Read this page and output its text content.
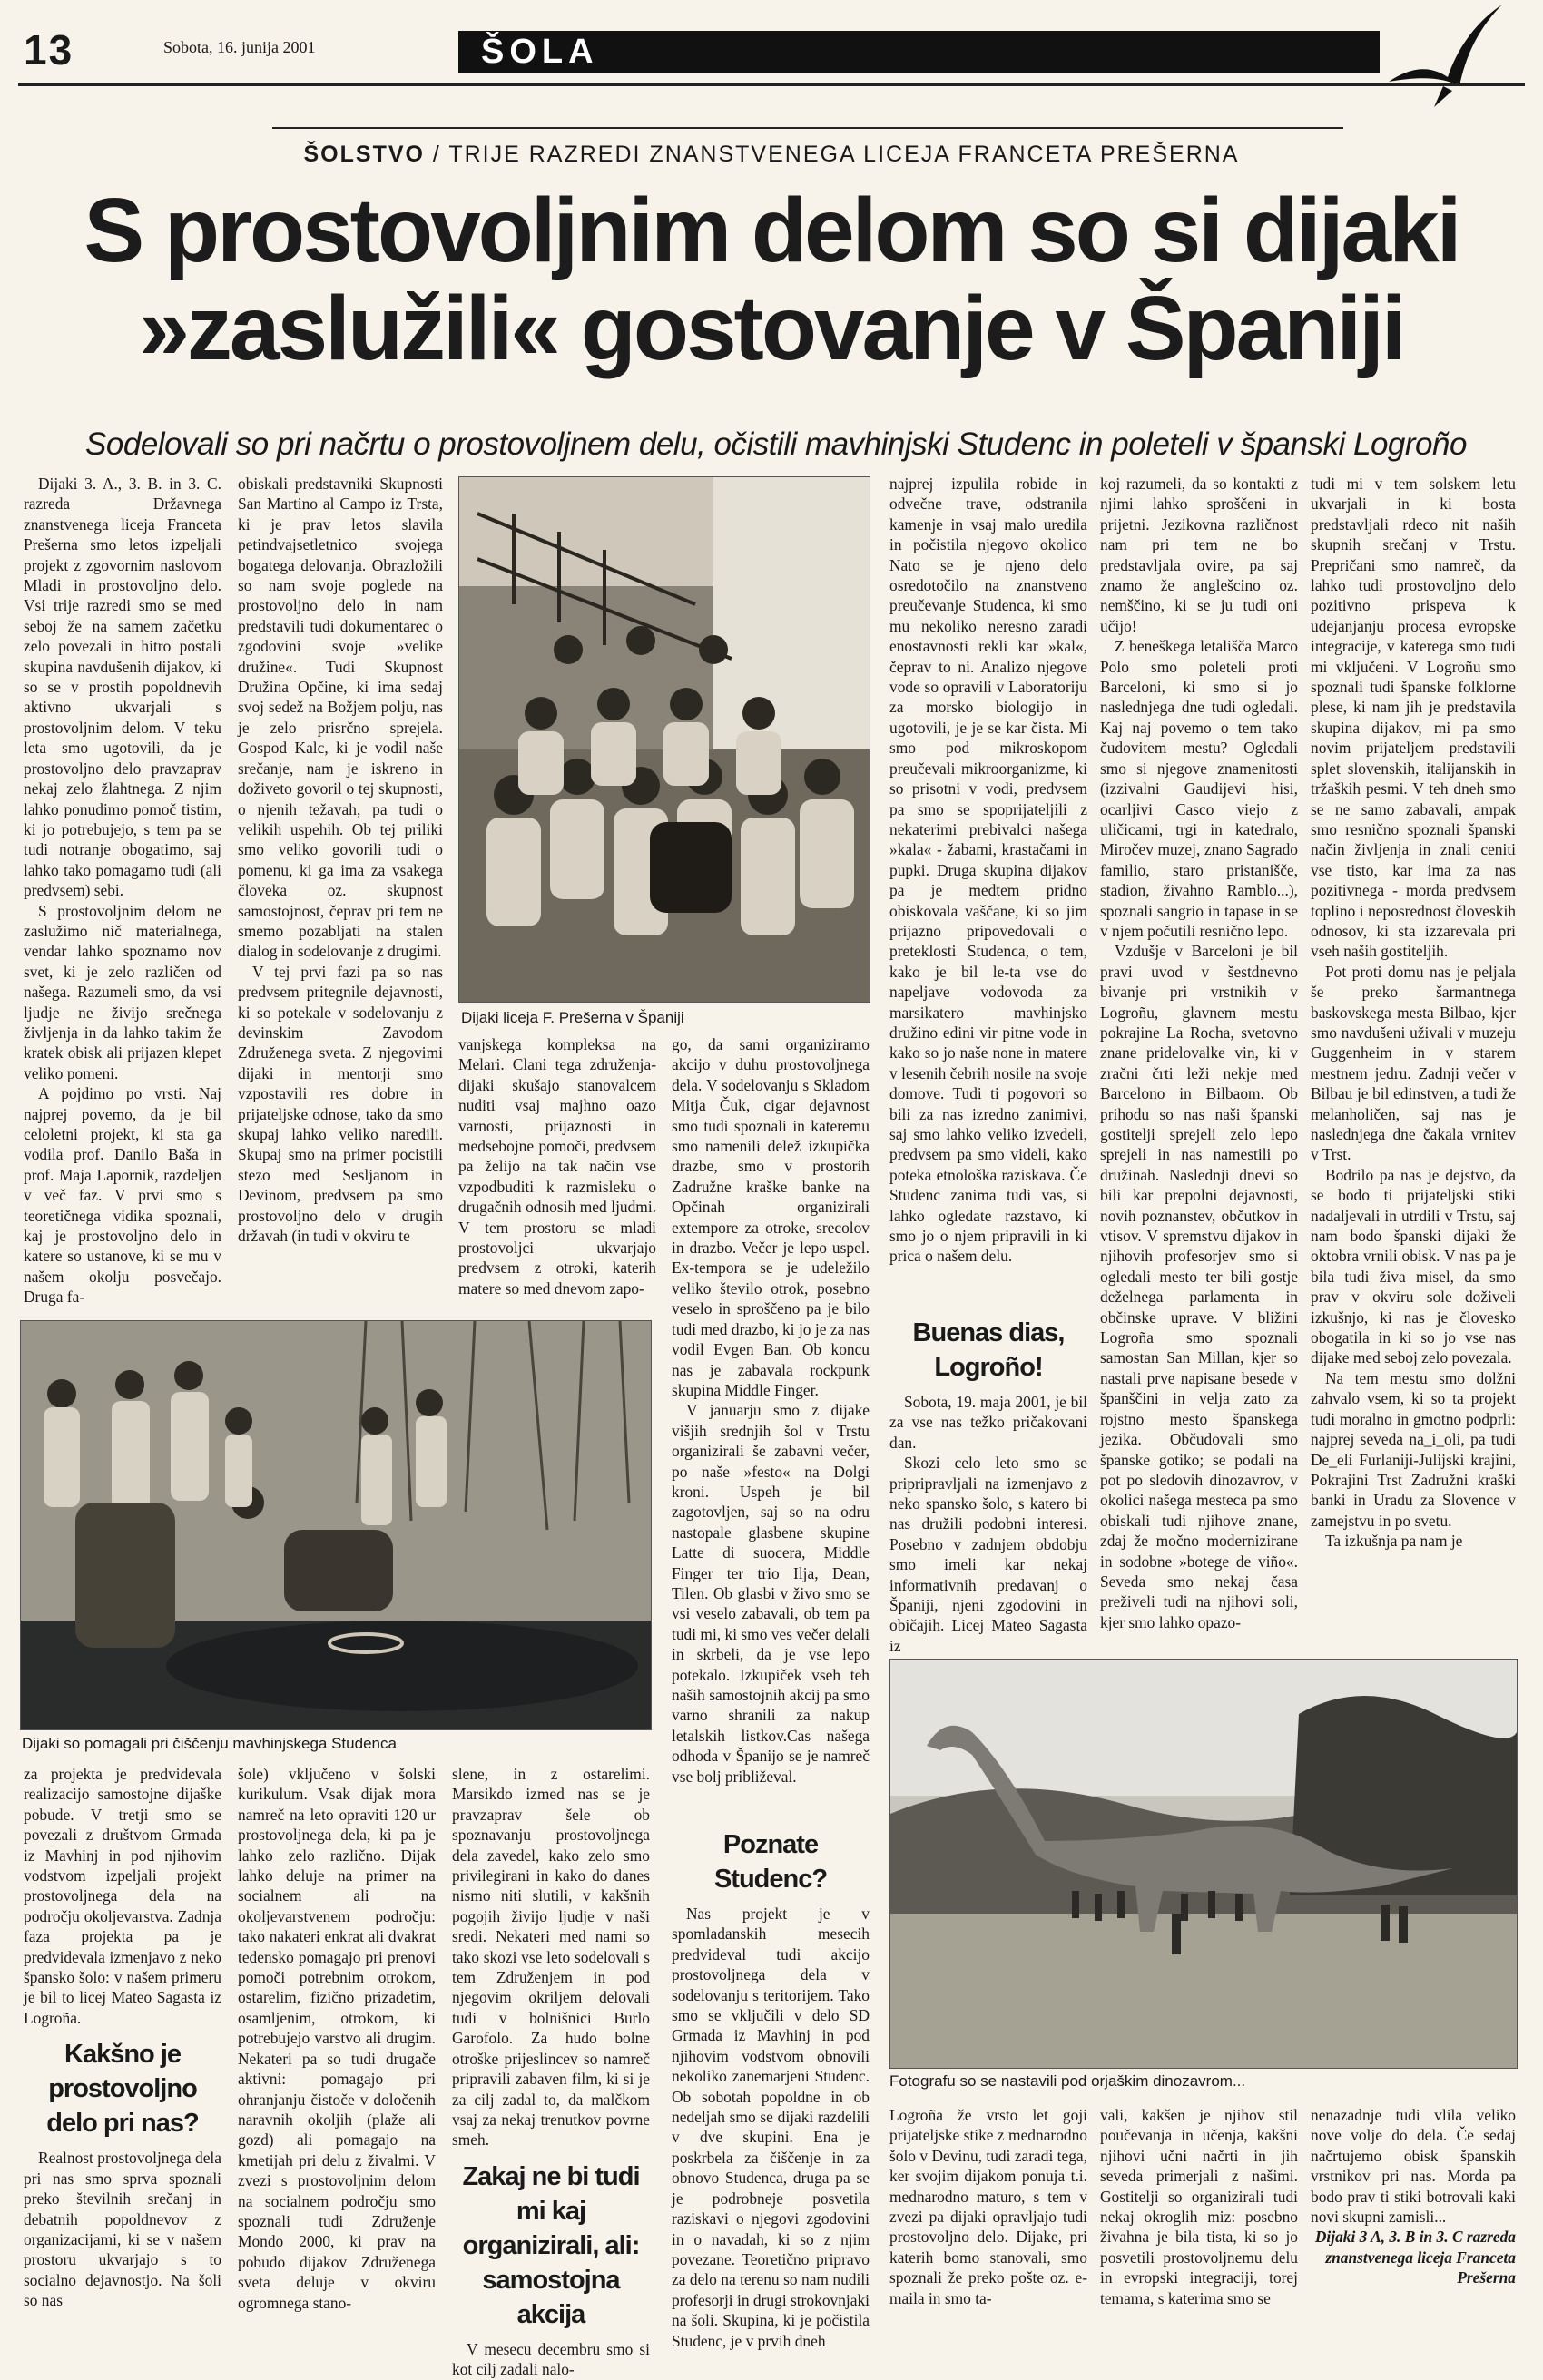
13	Sobota, 16. junija 2001	ŠOLA
ŠOLSTVO / TRIJE RAZREDI ZNANSTVENEGA LICEJA FRANCETA PREŠERNA
S prostovoljnim delom so si dijaki
»zaslužili« gostovanje v Španiji
Sodelovali so pri načrtu o prostovoljnem delu, očistili mavhinjski Studenc in poleteli v španski Logroño

Dijaki 3. A., 3. B. in 3. C. razreda Državnega znanstvenega liceja Franceta Prešerna smo letos izpeljali projekt z zgovornim naslovom Mladi in prostovoljno delo. Vsi trije razredi smo se med seboj že na samem začetku zelo povezali in hitro postali skupina navdušenih dijakov, ki so se v prostih popoldnevih aktivno ukvarjali s prostovoljnim delom. V teku leta smo ugotovili, da je prostovoljno delo pravzaprav nekaj zelo žlahtnega. Z njim lahko ponudimo pomoč tistim, ki jo potrebujejo, s tem pa se tudi notranje obogatimo, saj lahko tako pomagamo tudi (ali predvsem) sebi.

S prostovoljnim delom ne zaslužimo nič materialnega, vendar lahko spoznamo nov svet, ki je zelo različen od našega. Razumeli smo, da vsi ljudje ne živijo srečnega življenja in da lahko takim že kratek obisk ali prijazen klepet veliko pomeni.

A pojdimo po vrsti. Naj najprej povemo, da je bil celoletni projekt, ki sta ga vodila prof. Danilo Baša in prof. Maja Lapornik, razdeljen v več faz. V prvi smo s teoretičnega vidika spoznali, kaj je prostovoljno delo in katere so ustanove, ki se mu v našem okolju posvečajo. Druga fa-

obiskali predstavniki Skupnosti San Martino al Campo iz Trsta, ki je prav letos slavila petindvajsetletnico svojega bogatega delovanja. Obrazložili so nam svoje poglede na prostovoljno delo in nam predstavili tudi dokumentarec o zgodovini svoje »velike družine«. Tudi Skupnost Družina Opčine, ki ima sedaj svoj sedež na Božjem polju, nas je zelo prisrčno sprejela. Gospod Kalc, ki je vodil naše srečanje, nam je iskreno in doživeto govoril o tej skupnosti, o njenih težavah, pa tudi o velikih uspehih. Ob tej priliki smo veliko govorili tudi o pomenu, ki ga ima za vsakega človeka oz. skupnost samostojnost, čeprav pri tem ne smemo pozabljati na stalen dialog in sodelovanje z drugimi.

V tej prvi fazi pa so nas predvsem pritegnile dejavnosti, ki so potekale v sodelovanju z devinskim Zavodom Združenega sveta. Z njegovimi dijaki in mentorji smo vzpostavili res dobre in prijateljske odnose, tako da smo skupaj lahko veliko naredili. Skupaj smo na primer pocistili stezo med Sesljanom in Devinom, predvsem pa smo prostovoljno delo v drugih državah (in tudi v okviru te

Dijaki liceja F. Prešerna v Španiji

najprej izpulila robide in odvečne trave, odstranila kamenje in vsaj malo uredila in počistila njegovo okolico Nato se je njeno delo osredotočilo na znanstveno preučevanje Studenca, ki smo mu nekoliko neresno zaradi enostavnosti rekli kar »kal«, čeprav to ni. Analizo njegove vode so opravili v Laboratoriju za morsko biologijo in ugotovili, je je se kar čista. Mi smo pod mikroskopom preučevali mikroorganizme, ki so prisotni v vodi, predvsem pa smo se spoprijateljili z nekaterimi prebivalci našega »kala« - žabami, krastačami in pupki. Druga skupina dijakov pa je medtem pridno obiskovala vaščane, ki so jim prijazno pripovedovali o preteklosti Studenca, o tem, kako je bil le-ta vse do napeljave vodovoda za marsikatero mavhinjsko družino edini vir pitne vode in kako so jo naše none in matere v lesenih čebrih nosile na svoje domove. Tudi ti pogovori so bili za nas izredno zanimivi, saj smo lahko veliko izvedeli, predvsem pa smo videli, kako poteka etnološka raziskava. Če Studenc zanima tudi vas, si lahko ogledate razstavo, ki smo jo o njem pripravili in ki prica o našem delu.

koj razumeli, da so kontakti z njimi lahko sproščeni in prijetni. Jezikovna različnost nam pri tem ne bo predstavljala ovire, pa saj znamo že anglešcino oz. nemščino, ki se ju tudi oni učijo!

Z beneškega letališča Marco Polo smo poleteli proti Barceloni, ki smo si jo naslednjega dne tudi ogledali. Kaj naj povemo o tem tako čudovitem mestu? Ogledali smo si njegove znamenitosti (izzivalni Gaudijevi hisi, ocarljivi Casco viejo z uličicami, trgi in katedralo, Miročev muzej, znano Sagrado familio, staro pristanišče, stadion, živahno Ramblo...), spoznali sangrio in tapase in se v njem počutili resnično lepo.

Vzdušje v Barceloni je bil pravi uvod v šestdnevno bivanje pri vrstnikih v Logroñu, glavnem mestu pokrajine La Rocha, svetovno znane pridelovalke vin, ki v zračni črti leži nekje med Barcelono in Bilbaom. Ob prihodu so nas naši španski gostitelji sprejeli zelo lepo sprejeli in nas namestili po družinah. Naslednji dnevi so bili kar prepolni dejavnosti, novih poznanstev, občutkov in vtisov. V spremstvu dijakov in njihovih profesorjev smo si ogledali mesto ter bili gostje deželnega parlamenta in občinske uprave. V bližini Logroña smo spoznali samostan San Millan, kjer so nastali prve napisane besede v španščini in velja zato za rojstno mesto španskega jezika. Občudovali smo španske gotiko; se podali na pot po sledovih dinozavrov, v okolici našega mesteca pa smo obiskali tudi njihove znane, zdaj že močno modernizirane in sodobne »botege de viño«. Seveda smo nekaj časa preživeli tudi na njihovi soli, kjer smo lahko opazo-

tudi mi v tem solskem letu ukvarjali in ki bosta predstavljali rdeco nit naših skupnih srečanj v Trstu. Prepričani smo namreč, da lahko tudi prostovoljno delo pozitivno prispeva k udejanjanju procesa evropske integracije, v katerega smo tudi mi vključeni. V Logroñu smo spoznali tudi španske folklorne plese, ki nam jih je predstavila skupina dijakov, mi pa smo novim prijateljem predstavili splet slovenskih, italijanskih in tržaških pesmi. V teh dneh smo se ne samo zabavali, ampak smo resnično spoznali španski način življenja in znali ceniti vse tisto, kar ima za nas pozitivnega - morda predvsem toplino i neposrednost človeskih odnosov, ki sta izzarevala pri vseh naših gostiteljih.

Pot proti domu nas je peljala še preko šarmantnega baskovskega mesta Bilbao, kjer smo navdušeni uživali v muzeju Guggenheim in v starem mestnem jedru. Zadnji večer v Bilbau je bil edinstven, a tudi že melanholičen, saj nas je naslednjega dne čakala vrnitev v Trst.

Bodrilo pa nas je dejstvo, da se bodo ti prijateljski stiki nadaljevali in utrdili v Trstu, saj nam bodo španski dijaki že oktobra vrnili obisk. V nas pa je bila tudi živa misel, da smo prav v okviru sole doživeli izkušnjo, ki nas je človesko obogatila in ki so jo vse nas dijake med seboj zelo povezala.

Na tem mestu smo dolžni zahvalo vsem, ki so ta projekt tudi moralno in gmotno podprli: najprej seveda na_i_oli, pa tudi De_eli Furlaniji-Julijski krajini, Pokrajini Trst Zadružni kraški banki in Uradu za Slovence v zamejstvu in po svetu.

Ta izkušnja pa nam je

vanjskega kompleksa na Melari. Clani tega združenja-dijaki skušajo stanovalcem nuditi vsaj majhno oazo varnosti, prijaznosti in medsebojne pomoči, predvsem pa želijo na tak način vse vzpodbuditi k razmisleku o drugačnih odnosih med ljudmi. V tem prostoru se mladi prostovoljci ukvarjajo predvsem z otroki, katerih matere so med dnevom zapo-

go, da sami organiziramo akcijo v duhu prostovoljnega dela. V sodelovanju s Skladom Mitja Čuk, cigar dejavnost smo tudi spoznali in kateremu smo namenili delež izkupička drazbe, smo v prostorih Zadružne kraške banke na Opčinah organizirali extempore za otroke, srecolov in drazbo. Večer je lepo uspel. Ex-tempora se je udeležilo veliko število otrok, posebno veselo in sproščeno pa je bilo tudi med drazbo, ki jo je za nas vodil Evgen Ban. Ob koncu nas je zabavala rockpunk skupina Middle Finger.

V januarju smo z dijake višjih srednjih šol v Trstu organizirali še zabavni večer, po naše »festo« na Dolgi kroni. Uspeh je bil zagotovljen, saj so na odru nastopale glasbene skupine Latte di suocera, Middle Finger ter trio Ilja, Dean, Tilen. Ob glasbi v živo smo se vsi veselo zabavali, ob tem pa tudi mi, ki smo ves večer delali in skrbeli, da je vse lepo potekalo. Izkupiček vseh teh naših samostojnih akcij pa smo varno shranili za nakup letalskih listkov.Cas našega odhoda v Španijo se je namreč vse bolj približeval.

Buenas dias, Logroño!

Sobota, 19. maja 2001, je bil za vse nas težko pričakovani dan.

Skozi celo leto smo se pripripravljali na izmenjavo z neko spansko šolo, s katero bi nas družili podobni interesi. Posebno v zadnjem obdobju smo imeli kar nekaj informativnih predavanj o Španiji, njeni zgodovini in običajih. Licej Mateo Sagasta iz

Dijaki so pomagali pri čiščenju mavhinjskega Studenca

za projekta je predvidevala realizacijo samostojne dijaške pobude. V tretji smo se povezali z društvom Grmada iz Mavhinj in pod njihovim vodstvom izpeljali projekt prostovoljnega dela na področju okoljevarstva. Zadnja faza projekta pa je predvidevala izmenjavo z neko špansko šolo: v našem primeru je bil to licej Mateo Sagasta iz Logroña.

Kakšno je prostovoljno delo pri nas?

Realnost prostovoljnega dela pri nas smo sprva spoznali preko številnih srečanj in debatnih popoldnevov z organizacijami, ki se v našem prostoru ukvarjajo s to socialno dejavnostjo. Na šoli so nas

šole) vključeno v šolski kurikulum. Vsak dijak mora namreč na leto opraviti 120 ur prostovoljnega dela, ki pa je lahko zelo različno. Dijak lahko deluje na primer na socialnem ali na okoljevarstvenem področju: tako nakateri enkrat ali dvakrat tedensko pomagajo pri prenovi pomoči potrebnim otrokom, ostarelim, fizično prizadetim, osamljenim, otrokom, ki potrebujejo varstvo ali drugim. Nekateri pa so tudi drugače aktivni: pomagajo pri ohranjanju čistoče v določenih naravnih okoljih (plaže ali gozd) ali pomagajo na kmetijah pri delu z živalmi. V zvezi s prostovoljnim delom na socialnem področju smo spoznali tudi Združenje Mondo 2000, ki prav na pobudo dijakov Združenega sveta deluje v okviru ogromnega stano-

slene, in z ostarelimi. Marsikdo izmed nas se je pravzaprav šele ob spoznavanju prostovoljnega dela zavedel, kako zelo smo privilegirani in kako do danes nismo niti slutili, v kakšnih pogojih živijo ljudje v naši sredi. Nekateri med nami so tako skozi vse leto sodelovali s tem Združenjem in pod njegovim okriljem delovali tudi v bolnišnici Burlo Garofolo. Za hudo bolne otroške prijeslincev so namreč pripravili zabaven film, ki si je za cilj zadal to, da malčkom vsaj za nekaj trenutkov povrne smeh.

Zakaj ne bi tudi mi kaj organizirali, ali: samostojna akcija

V mesecu decembru smo si kot cilj zadali nalo-

Poznate Studenc?

Nas projekt je v spomladanskih mesecih predvideval tudi akcijo prostovoljnega dela v sodelovanju s teritorijem. Tako smo se vključili v delo SD Grmada iz Mavhinj in pod njihovim vodstvom obnovili nekoliko zanemarjeni Studenc. Ob sobotah popoldne in ob nedeljah smo se dijaki razdelili v dve skupini. Ena je poskrbela za čiščenje in za obnovo Studenca, druga pa se je podrobneje posvetila raziskavi o njegovi zgodovini in o navadah, ki so z njim povezane. Teoretično pripravo za delo na terenu so nam nudili profesorji in drugi strokovnjaki na šoli. Skupina, ki je počistila Studenc, je v prvih dneh

Fotografu so se nastavili pod orjaškim dinozavrom...

Logroña že vrsto let goji prijateljske stike z mednarodno šolo v Devinu, tudi zaradi tega, ker svojim dijakom ponuja t.i. mednarodno maturo, s tem v zvezi pa dijaki opravljajo tudi prostovoljno delo. Dijake, pri katerih bomo stanovali, smo spoznali že preko pošte oz. e-maila in smo ta-

vali, kakšen je njihov stil poučevanja in učenja, kakšni njihovi učni načrti in jih seveda primerjali z našimi. Gostitelji so organizirali tudi nekaj okroglih miz: posebno živahna je bila tista, ki so jo posvetili prostovoljnemu delu in evropski integraciji, torej temama, s katerima smo se

nenazadnje tudi vlila veliko nove volje do dela. Če sedaj načrtujemo obisk španskih vrstnikov pri nas. Morda pa bodo prav ti stiki botrovali kaki novi skupni zamisli...

Dijaki 3 A, 3. B in 3. C razreda znanstvenega liceja Franceta Prešerna
